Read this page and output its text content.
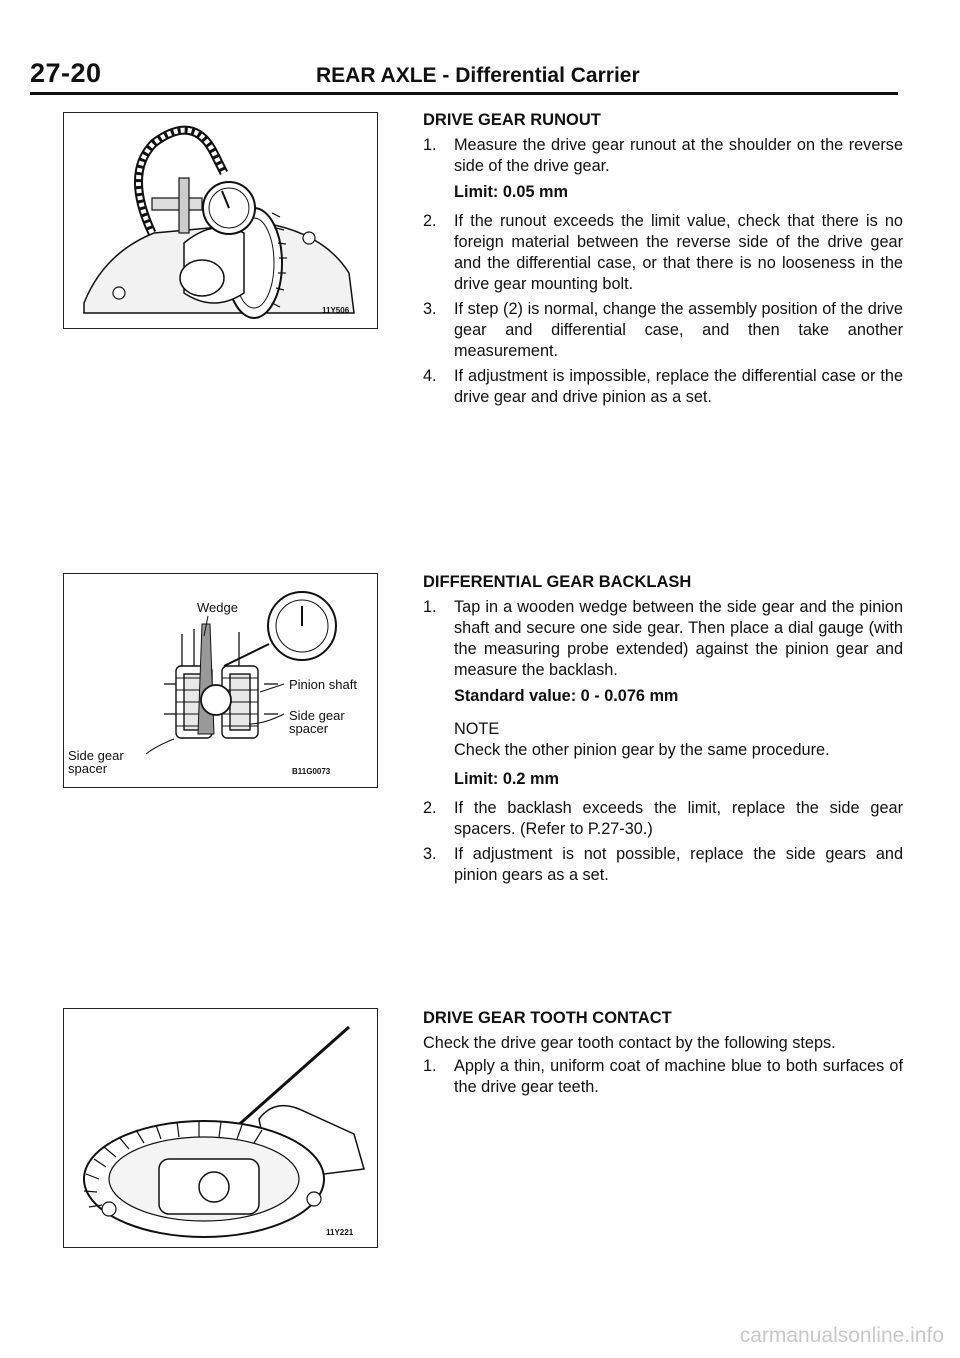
27-20	REAR AXLE - Differential Carrier
11Y506
Wedge
Pinion shaft
Side gear
spacer
Side gear
spacer	B11G0073
11Y221
DRIVE GEAR RUNOUT
1.	Measure the drive gear runout at the shoulder on the reverse side of the drive gear.
Limit: 0.05 mm
2.	If the runout exceeds the limit value, check that there is no foreign material between the reverse side of the drive gear and the differential case, or that there is no looseness in the drive gear mounting bolt.
3.	If step (2) is normal, change the assembly position of the drive gear and differential case, and then take another measurement.
4.	If adjustment is impossible, replace the differential case or the drive gear and drive pinion as a set.
DIFFERENTIAL GEAR BACKLASH
1.	Tap in a wooden wedge between the side gear and the pinion shaft and secure one side gear. Then place a dial gauge (with the measuring probe extended) against the pinion gear and measure the backlash.
Standard value: 0 - 0.076 mm
NOTE
Check the other pinion gear by the same procedure.
Limit: 0.2 mm
2.	If the backlash exceeds the limit, replace the side gear spacers. (Refer to P.27-30.)
3.	If adjustment is not possible, replace the side gears and pinion gears as a set.
DRIVE GEAR TOOTH CONTACT
Check the drive gear tooth contact by the following steps.
1.	Apply a thin, uniform coat of machine blue to both surfaces of the drive gear teeth.
carmanualsonline.info
